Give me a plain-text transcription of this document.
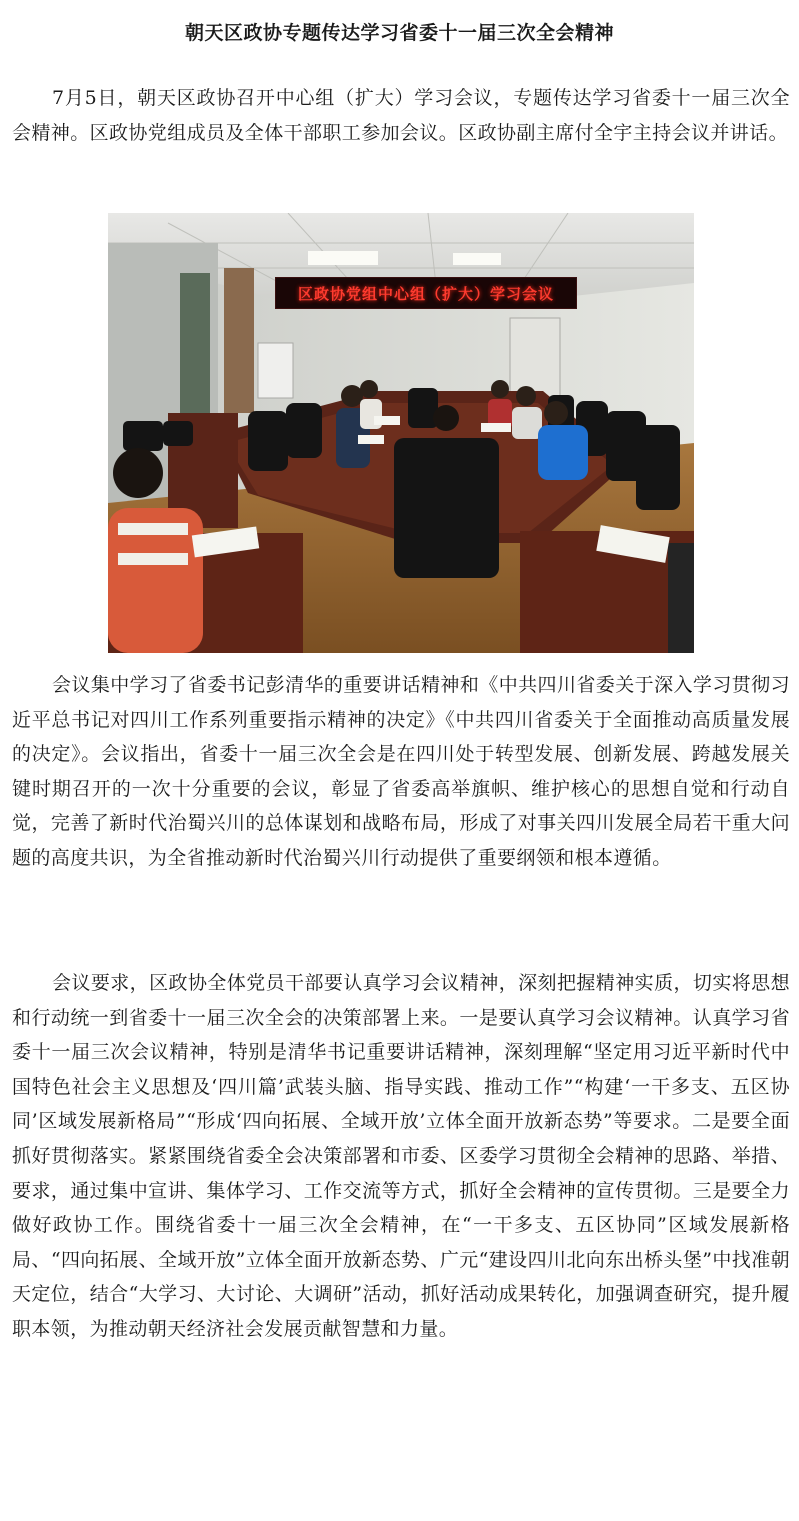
朝天区政协专题传达学习省委十一届三次全会精神

7月5日，朝天区政协召开中心组（扩大）学习会议，专题传达学习省委十一届三次全会精神。区政协党组成员及全体干部职工参加会议。区政协副主席付全宇主持会议并讲话。

区政协党组中心组（扩大）学习会议

会议集中学习了省委书记彭清华的重要讲话精神和《中共四川省委关于深入学习贯彻习近平总书记对四川工作系列重要指示精神的决定》《中共四川省委关于全面推动高质量发展的决定》。会议指出，省委十一届三次全会是在四川处于转型发展、创新发展、跨越发展关键时期召开的一次十分重要的会议，彰显了省委高举旗帜、维护核心的思想自觉和行动自觉，完善了新时代治蜀兴川的总体谋划和战略布局，形成了对事关四川发展全局若干重大问题的高度共识，为全省推动新时代治蜀兴川行动提供了重要纲领和根本遵循。

会议要求，区政协全体党员干部要认真学习会议精神，深刻把握精神实质，切实将思想和行动统一到省委十一届三次全会的决策部署上来。一是要认真学习会议精神。认真学习省委十一届三次会议精神，特别是清华书记重要讲话精神，深刻理解“坚定用习近平新时代中国特色社会主义思想及‘四川篇’武装头脑、指导实践、推动工作”“构建‘一干多支、五区协同’区域发展新格局”“形成‘四向拓展、全域开放’立体全面开放新态势”等要求。二是要全面抓好贯彻落实。紧紧围绕省委全会决策部署和市委、区委学习贯彻全会精神的思路、举措、要求，通过集中宣讲、集体学习、工作交流等方式，抓好全会精神的宣传贯彻。三是要全力做好政协工作。围绕省委十一届三次全会精神，在“一干多支、五区协同”区域发展新格局、“四向拓展、全域开放”立体全面开放新态势、广元“建设四川北向东出桥头堡”中找准朝天定位，结合“大学习、大讨论、大调研”活动，抓好活动成果转化，加强调查研究，提升履职本领，为推动朝天经济社会发展贡献智慧和力量。
